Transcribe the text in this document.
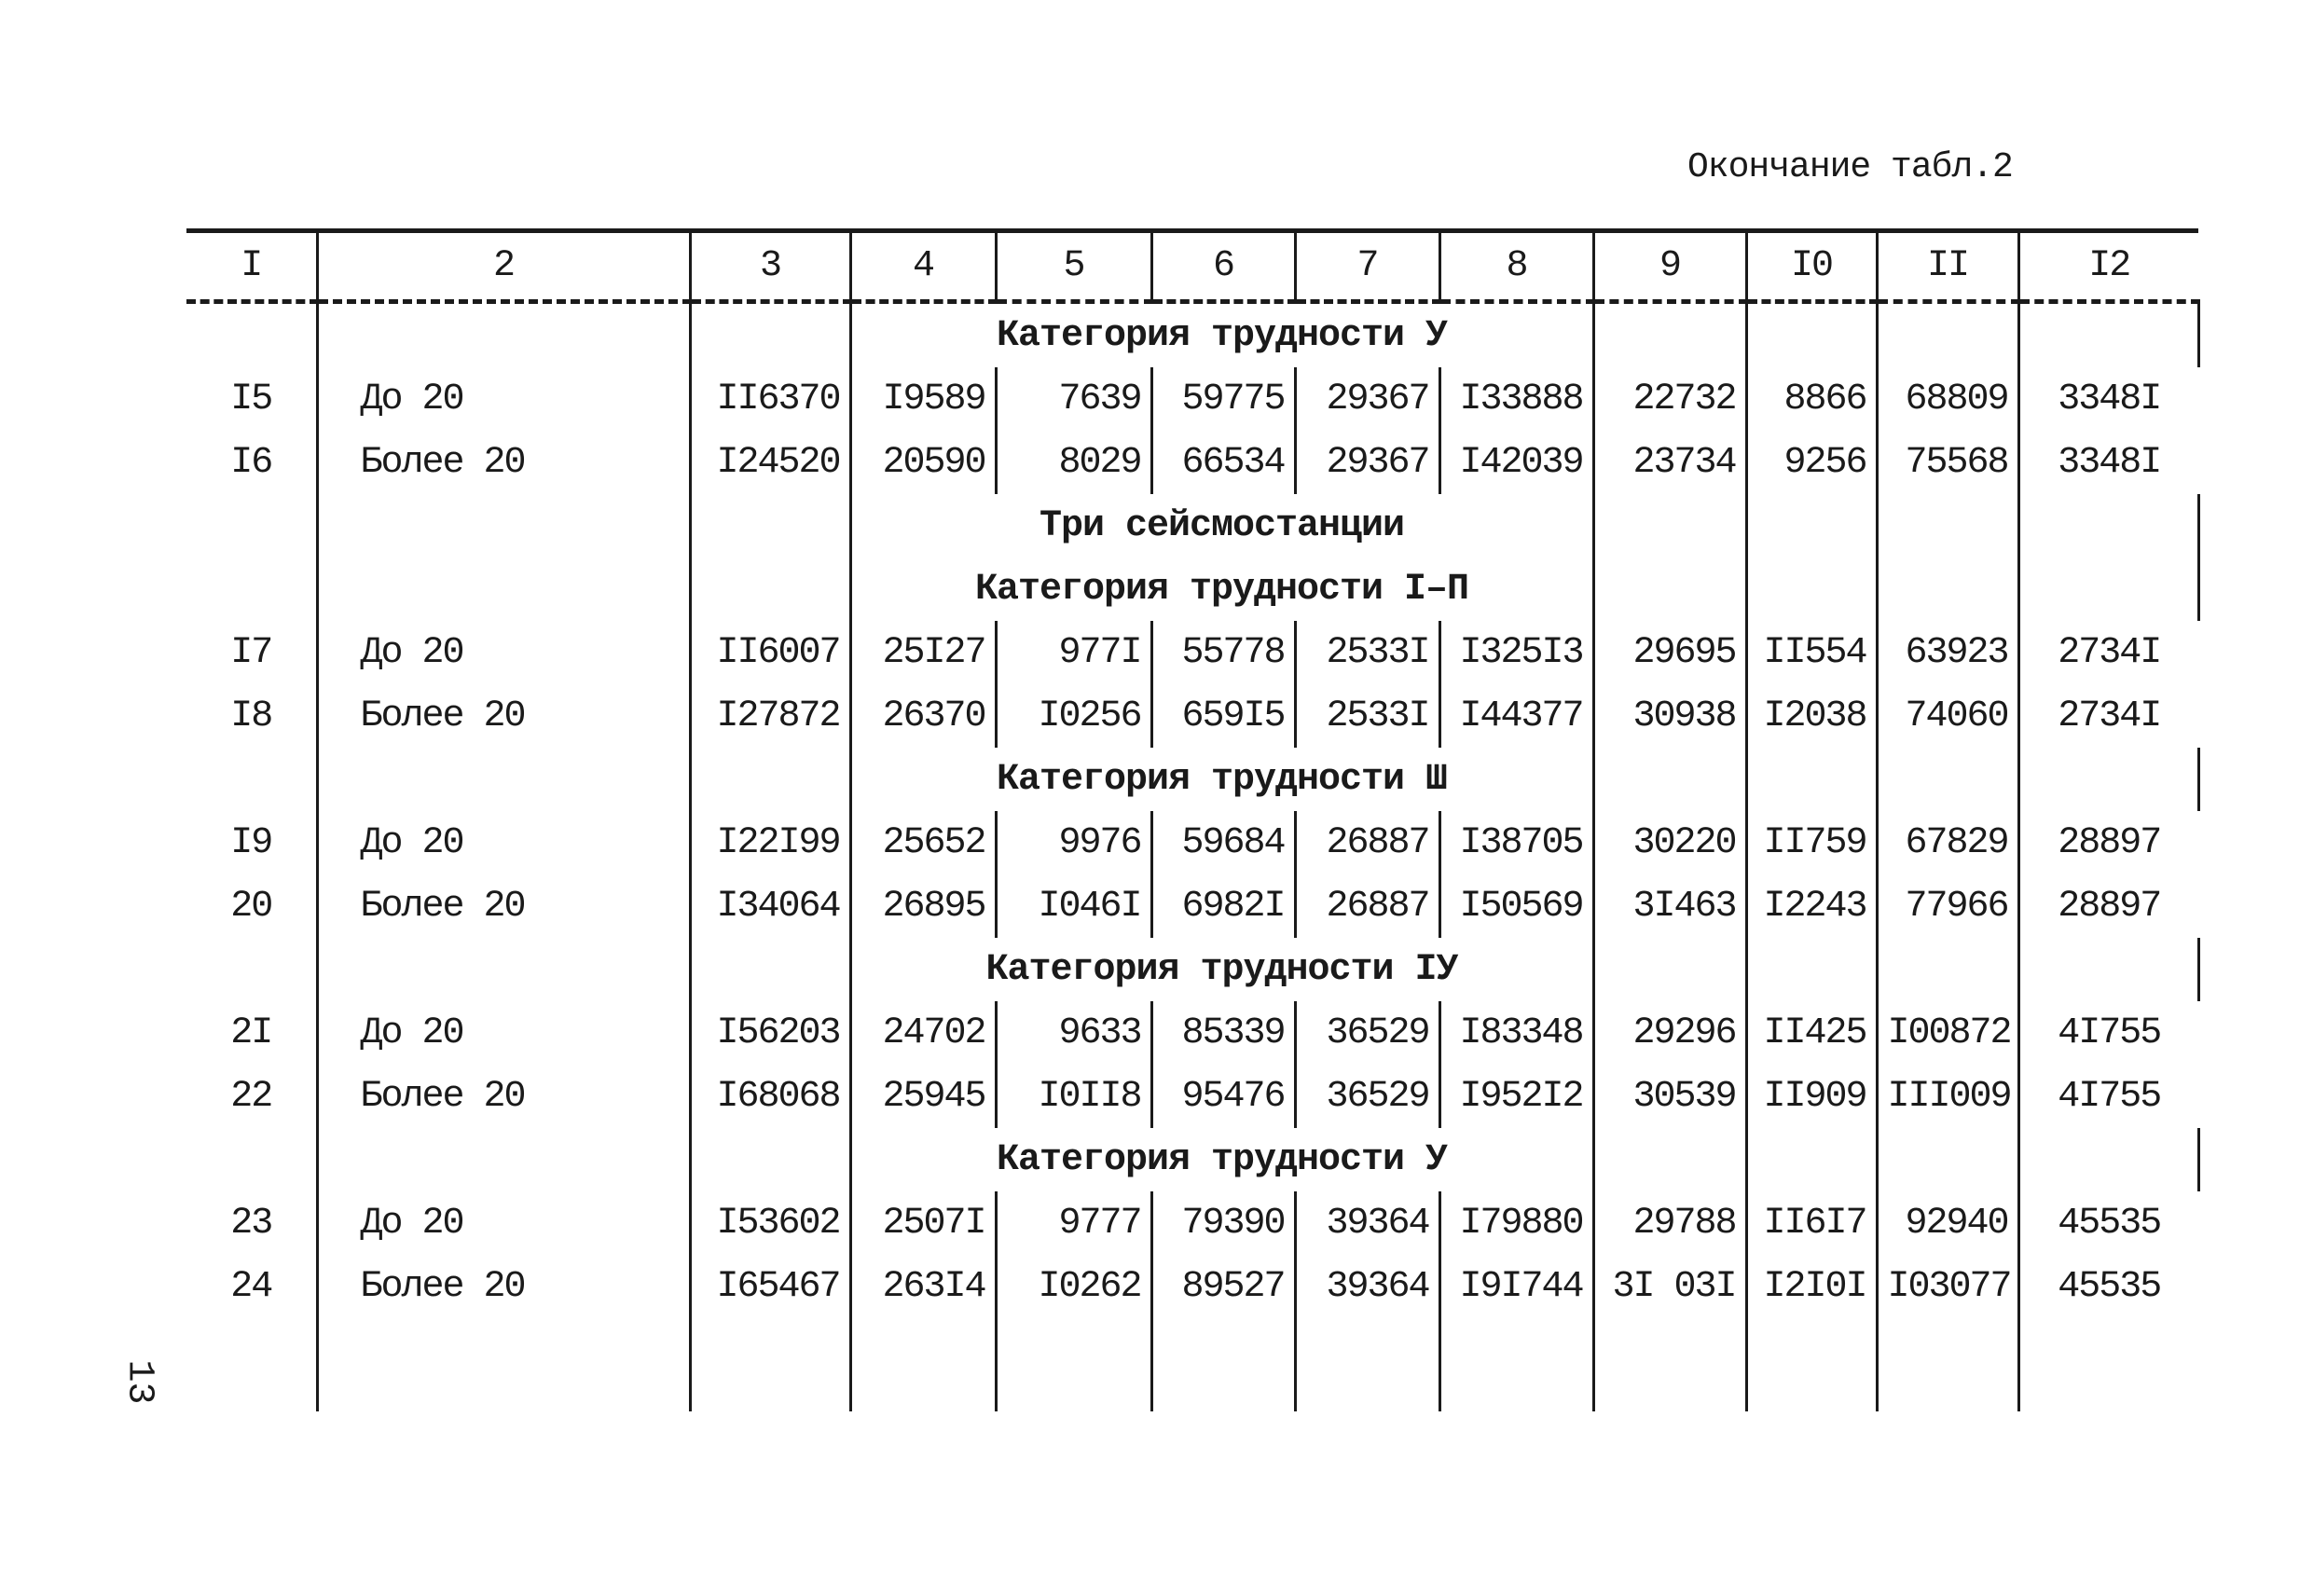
Окончание табл.2
13
I	2	3	4	5	6	7	8	9	I0	II	I2	
			Категория трудности У									
I5	До 20	II6370	I9589	7639	59775	29367	I33888	22732	8866	68809	3348I	
I6	Более 20	I24520	20590	8029	66534	29367	I42039	23734	9256	75568	3348I	
			Три сейсмостанции									
			Категория трудности I–П									
I7	До 20	II6007	25I27	977I	55778	2533I	I325I3	29695	II554	63923	2734I	
I8	Более 20	I27872	26370	I0256	659I5	2533I	I44377	30938	I2038	74060	2734I	
			Категория трудности Ш									
I9	До 20	I22I99	25652	9976	59684	26887	I38705	30220	II759	67829	28897	
20	Более 20	I34064	26895	I046I	6982I	26887	I50569	3I463	I2243	77966	28897	
			Категория трудности IУ									
2I	До 20	I56203	24702	9633	85339	36529	I83348	29296	II425	I00872	4I755	
22	Более 20	I68068	25945	I0II8	95476	36529	I952I2	30539	II909	III009	4I755	
			Категория трудности У									
23	До 20	I53602	2507I	9777	79390	39364	I79880	29788	II6I7	92940	45535	
24	Более 20	I65467	263I4	I0262	89527	39364	I9I744	3I 03I	I2I0I	I03077	45535	
